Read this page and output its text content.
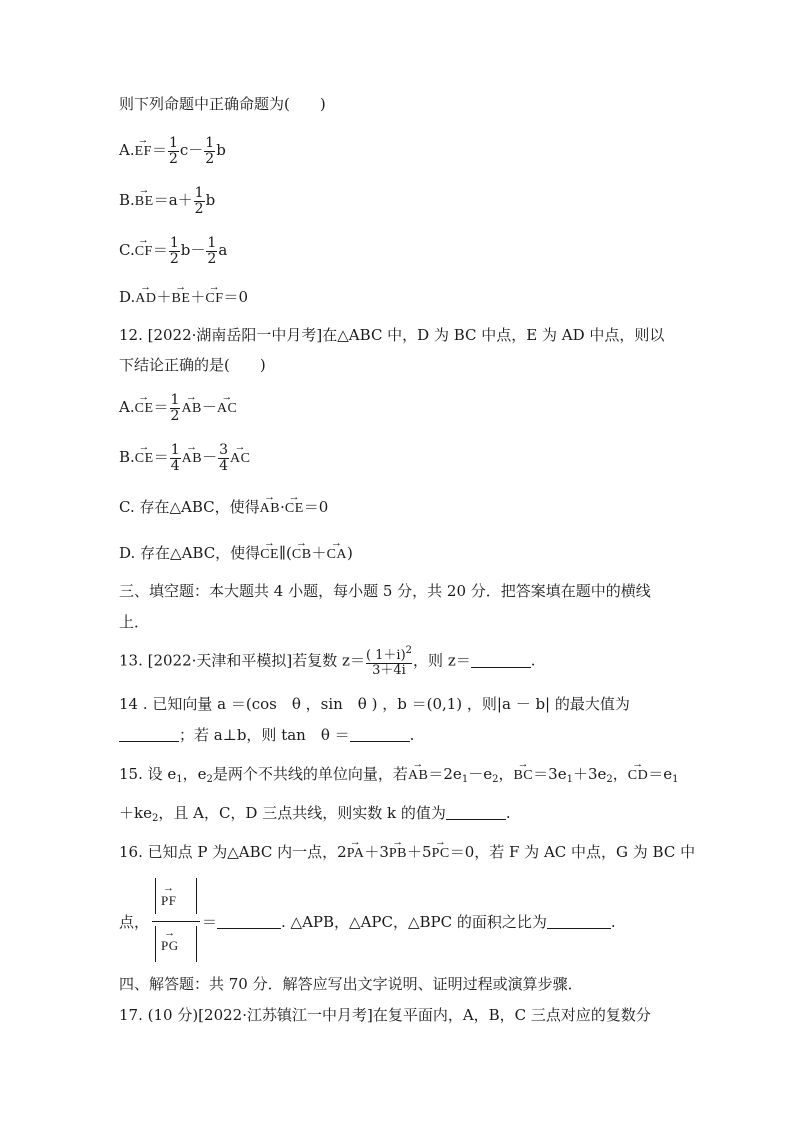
则下列命题中正确命题为(　　)
$A.\to EF= \frac{1}{2} c- \frac{1}{2}$ b
$B.\to BE=a+ \frac{1}{2}$ b
$C.\to CF= \frac{1}{2} b- \frac{1}{2}$ a
D.→ AD＋→ BE＋→ CF＝0
12. [2022·湖南岳阳一中月考]在△ABC 中，D 为 BC 中点，E 为 AD 中点，则以
下结论正确的是(　　)
$A.\to CE= \frac{1}{2}$
→ AB－→ AC
$B.\to CE= \frac{1}{4}$
→ $AB- \frac{3}{4}$
→ AC
C. 存在△ABC，使得→ AB·→ CE＝0
D. 存在△ABC，使得→ CE∥(→ CB＋→ CA)
三、填空题：本大题共 4 小题，每小题 5 分，共 20 分．把答案填在题中的横线
上．
13. [2022·天津和平模拟]若复数 $z= \frac{( 1+i)^2}{3+4i}$ ，则 z＝	.
14 . 已知向量 a ＝(cos　θ ，sin　θ ) ，b ＝(0,1) ，则|a － b| 的最大值为
；若 a⊥b，则 tan　θ ＝	.
15. 设 $e_1$，$e_2$是两个不共线的单位向量，若→ $AB=2e_1-e_2$，→ $BC=3e_1+3e_2$，→ $CD=e_1$
$+ke_2$，且 A，C，D 三点共线，则实数 k 的值为	.
16. 已知点 P 为△ABC 内一点，2→ PA＋3→ PB＋5→ PC＝0，若 F 为 AC 中点，G 为 BC 中
点，
→ PF
→ PG
＝	. △APB，△APC，△BPC 的面积之比为	.
四、解答题：共 70 分．解答应写出文字说明、证明过程或演算步骤．
17. (10 分)[2022·江苏镇江一中月考]在复平面内，A，B，C 三点对应的复数分
